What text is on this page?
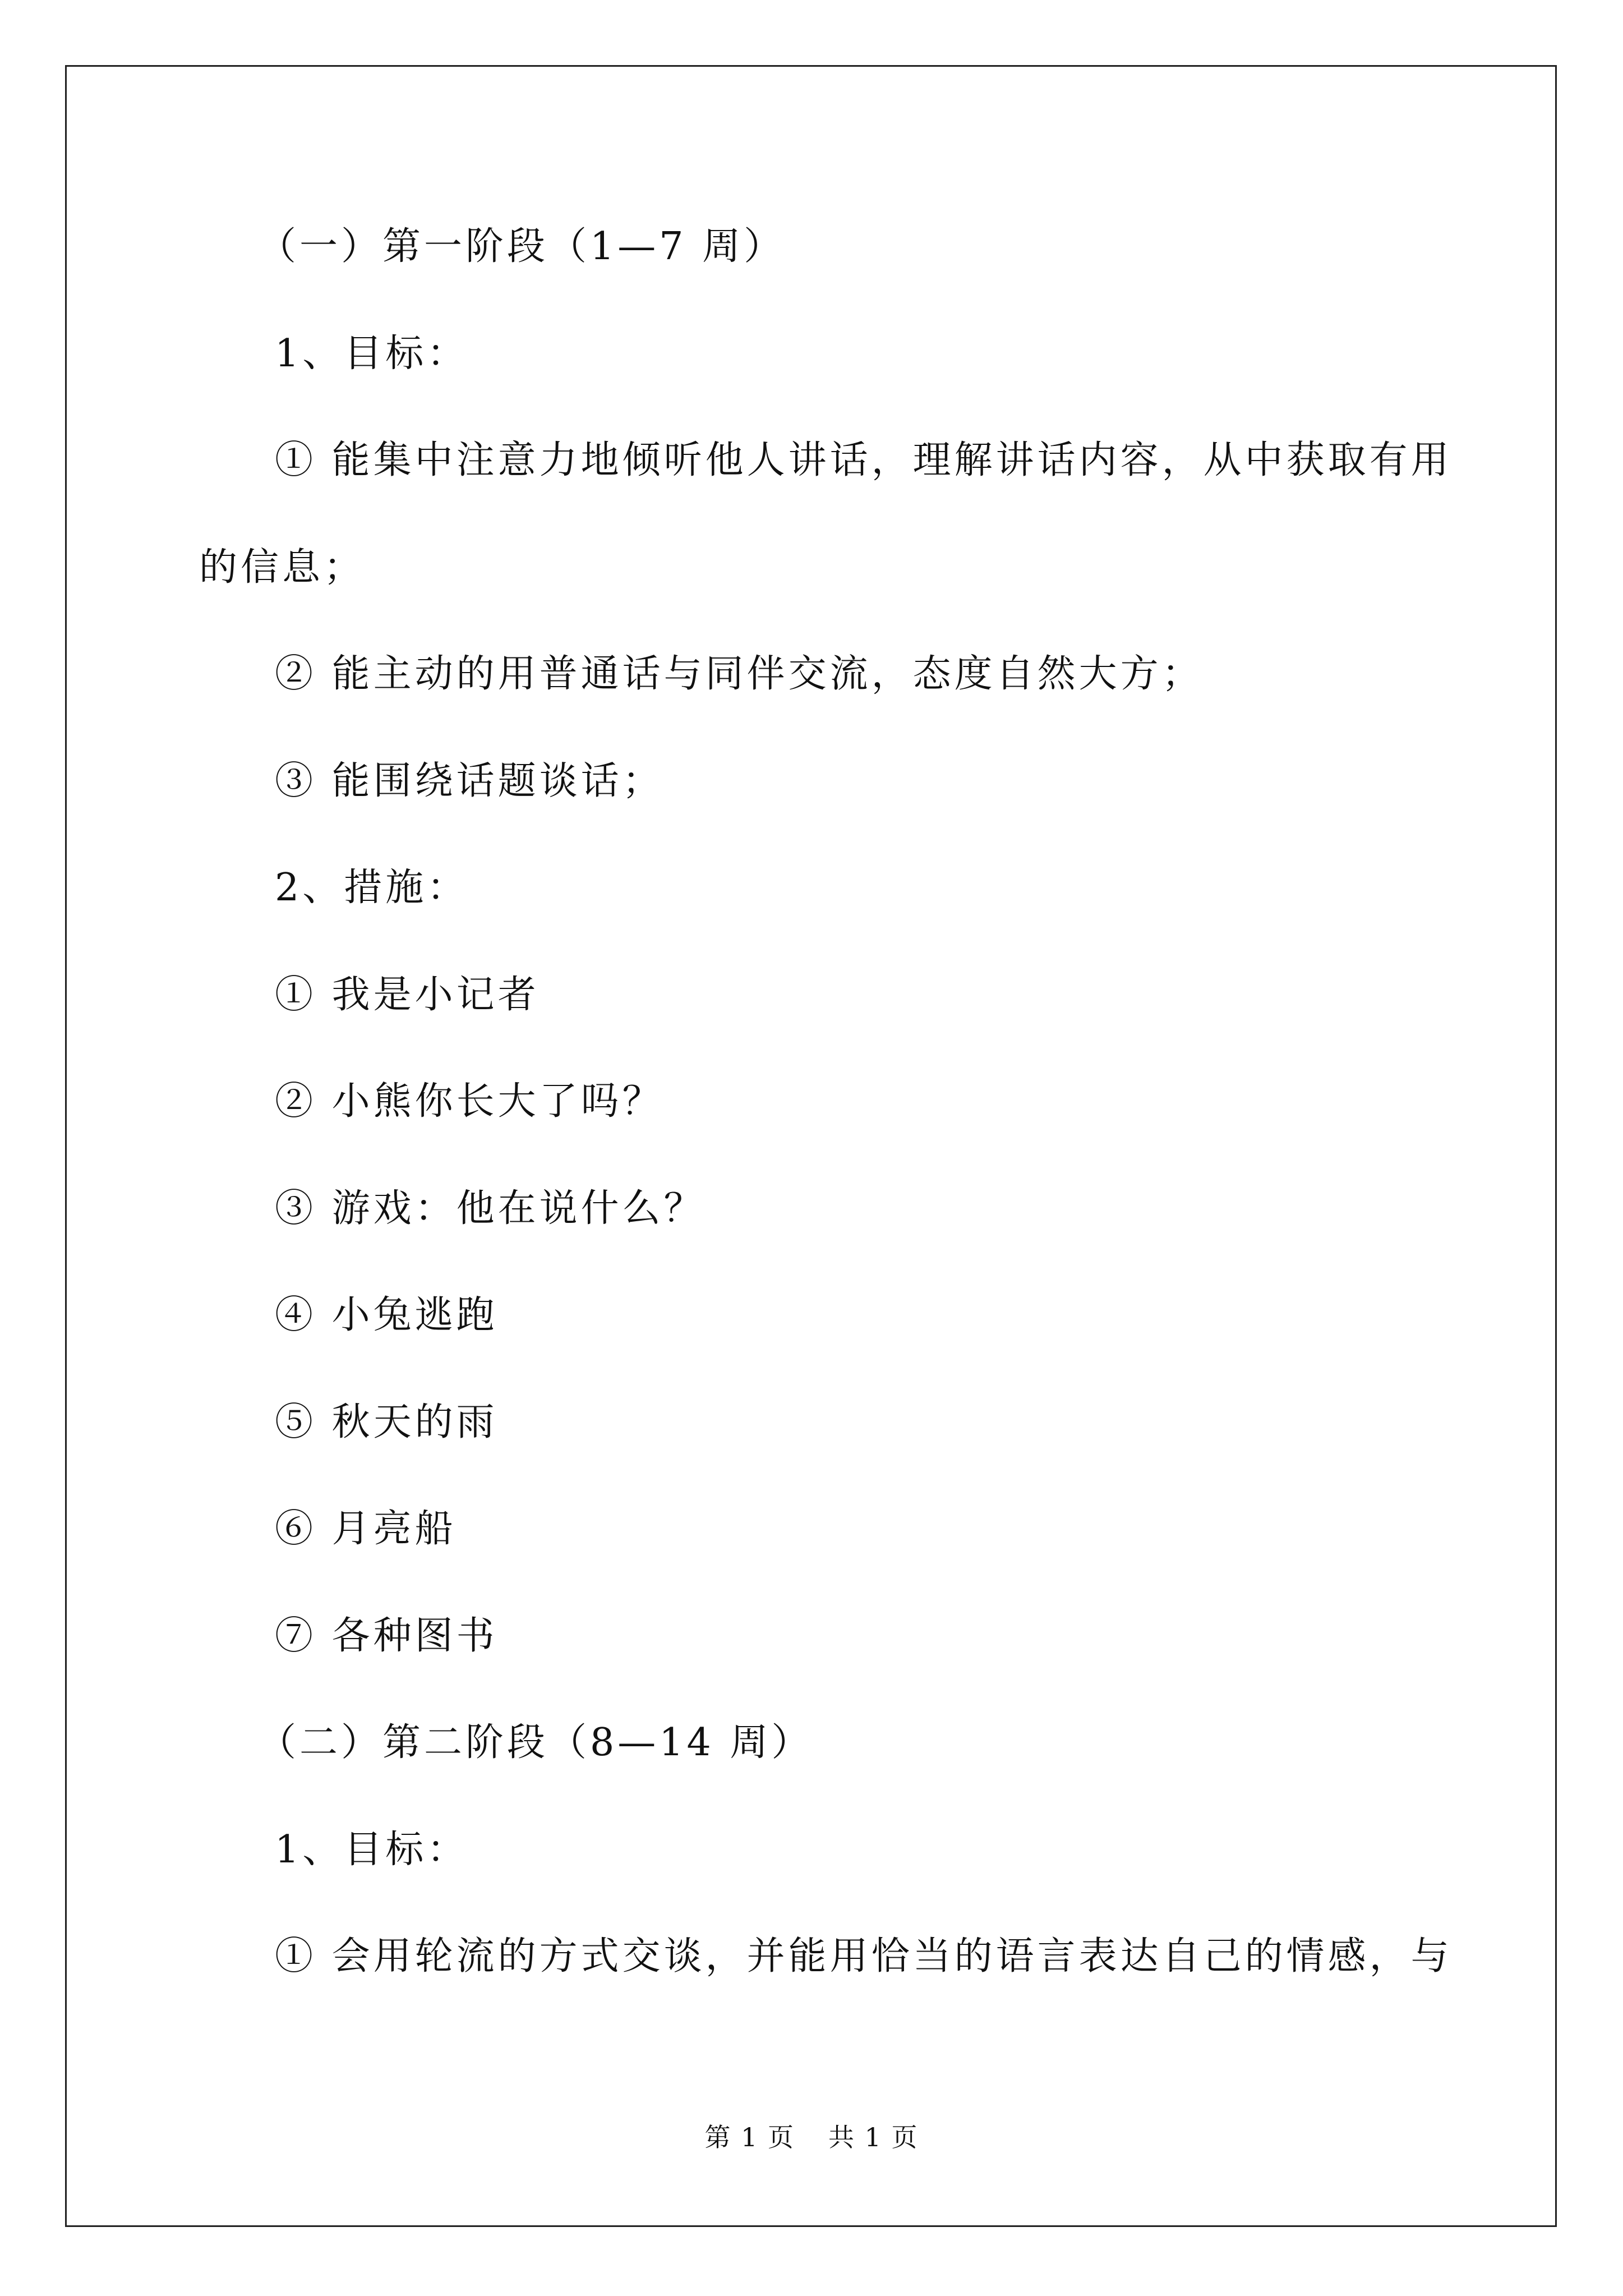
（一）第一阶段（1—7 周）
1、目标：
① 能集中注意力地倾听他人讲话，理解讲话内容，从中获取有用
的信息；
② 能主动的用普通话与同伴交流，态度自然大方；
③ 能围绕话题谈话；
2、措施：
① 我是小记者
② 小熊你长大了吗？
③ 游戏：他在说什么？
④ 小兔逃跑
⑤ 秋天的雨
⑥ 月亮船
⑦ 各种图书
（二）第二阶段（8—14 周）
1、目标：
① 会用轮流的方式交谈，并能用恰当的语言表达自己的情感，与
第 1 页 共 1 页
